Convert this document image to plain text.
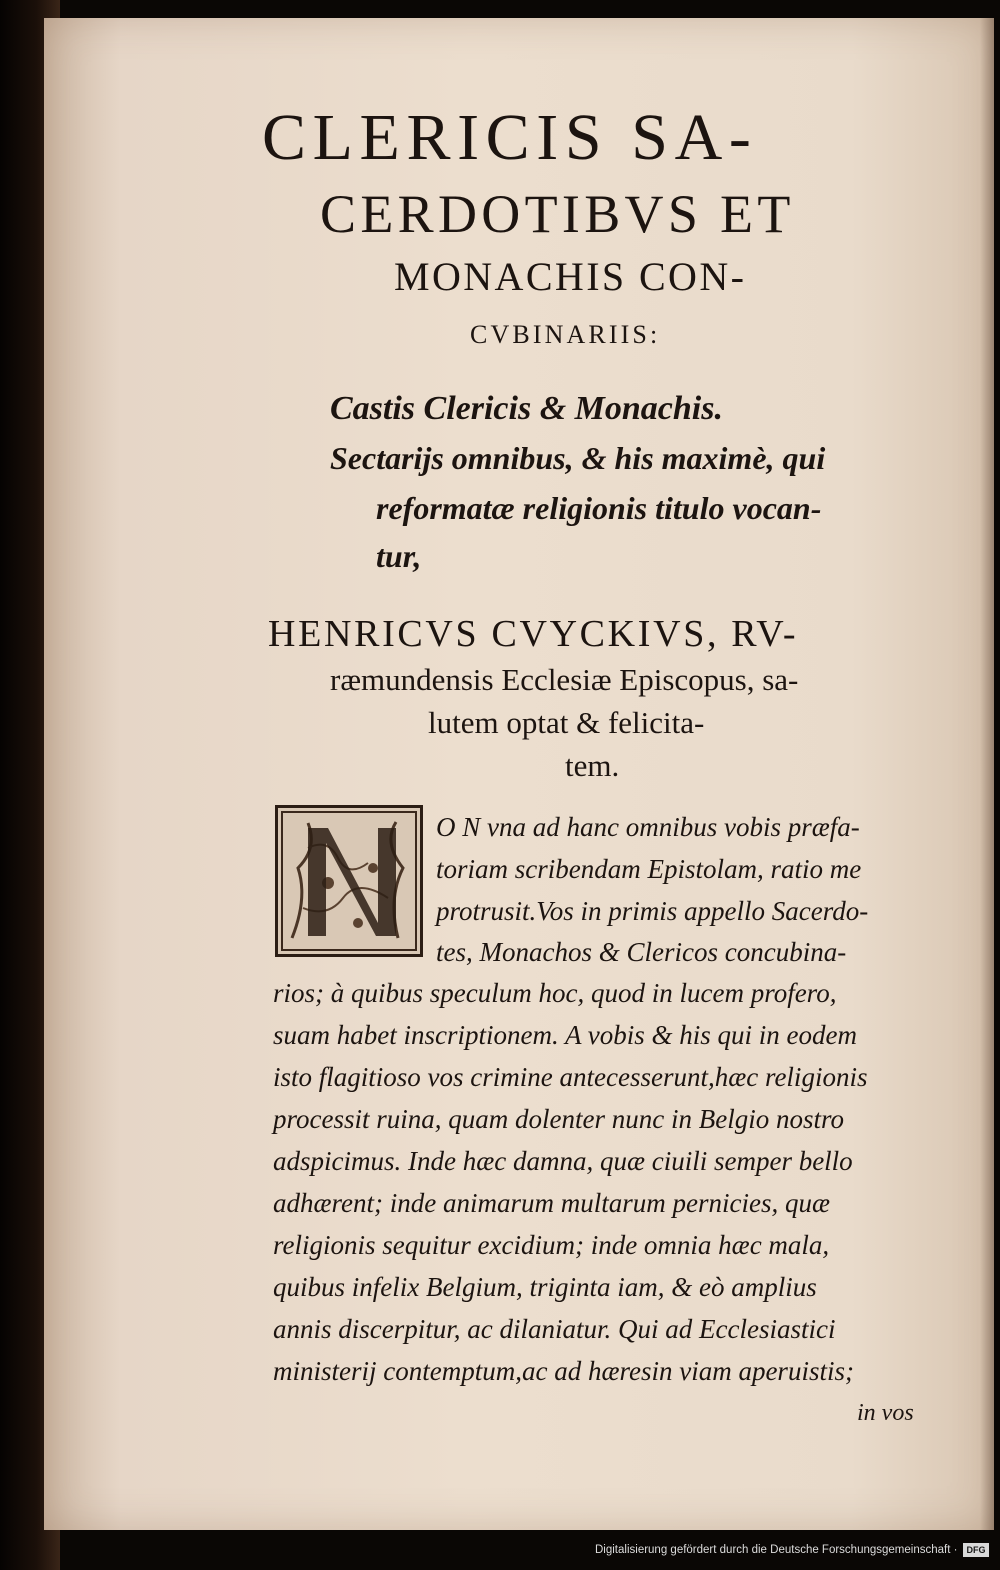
CLERICIS SA-
CERDOTIBVS ET
MONACHIS CON-
CVBINARIIS:
Castis Clericis & Monachis.
Sectarijs omnibus, & his maximè, qui
reformatæ religionis titulo vocan-
tur,
HENRICVS CVYCKIVS, RV-
ræmundensis Ecclesiæ Episcopus, sa-
lutem optat & felicita-
tem.
O N vna ad hanc omnibus vobis præfa-
toriam scribendam Epistolam, ratio me
protrusit.Vos in primis appello Sacerdo-
tes, Monachos & Clericos concubina-
rios; à quibus speculum hoc, quod in lucem profero,
suam habet inscriptionem. A vobis & his qui in eodem
isto flagitioso vos crimine antecesserunt,hæc religionis
processit ruina, quam dolenter nunc in Belgio nostro
adspicimus. Inde hæc damna, quæ ciuili semper bello
adhærent; inde animarum multarum pernicies, quæ
religionis sequitur excidium; inde omnia hæc mala,
quibus infelix Belgium, triginta iam, & eò amplius
annis discerpitur, ac dilaniatur. Qui ad Ecclesiastici
ministerij contemptum,ac ad hæresin viam aperuistis;
in vos
Digitalisierung gefördert durch die Deutsche Forschungsgemeinschaft ·	DFG
